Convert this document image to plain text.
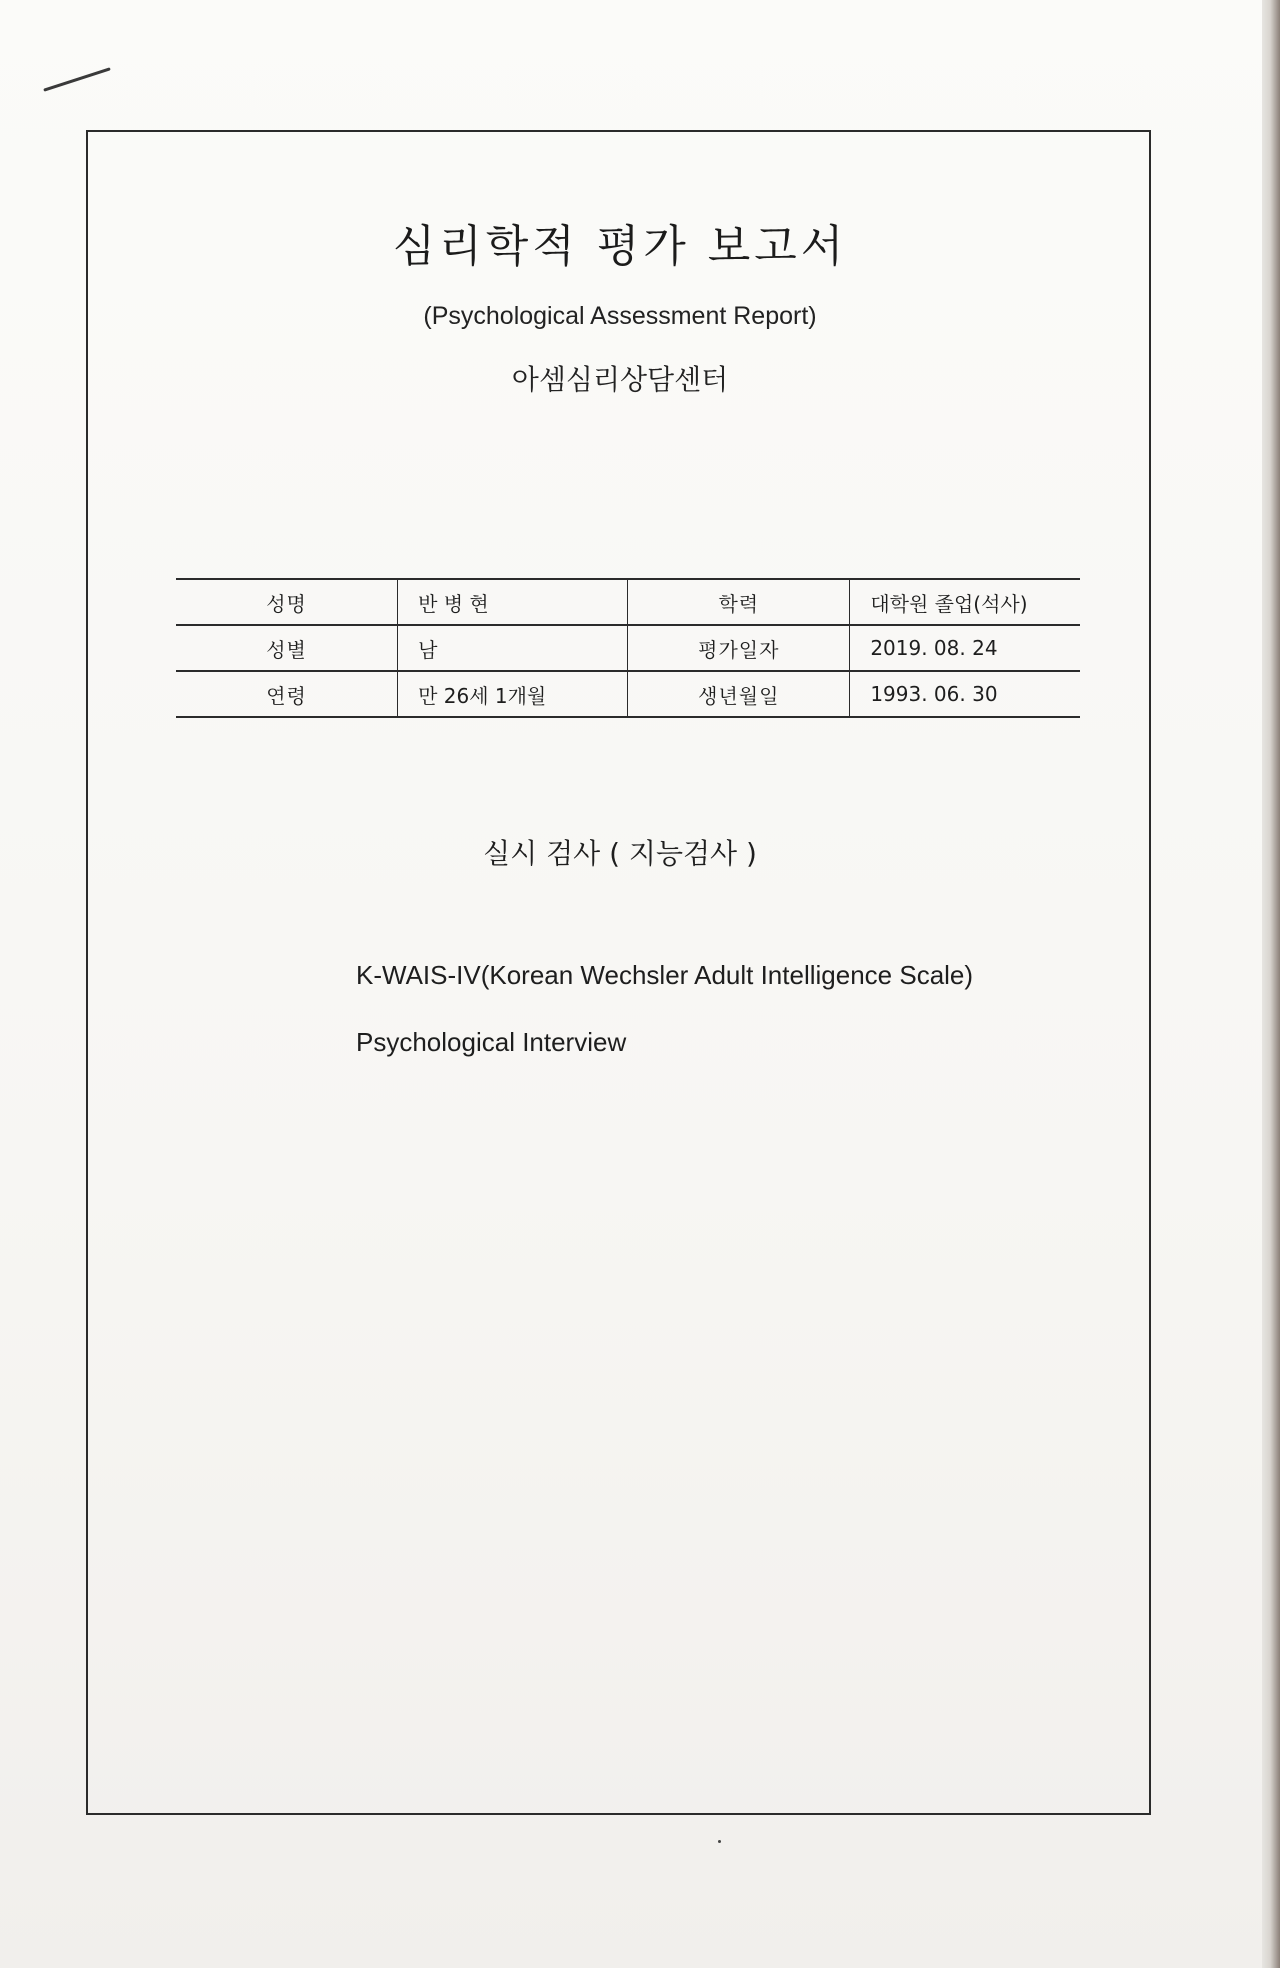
심리학적 평가 보고서
(Psychological Assessment Report)
아셈심리상담센터
성명	반 병 현	학력	대학원 졸업(석사)
성별	남	평가일자	2019. 08. 24
연령	만 26세 1개월	생년월일	1993. 06. 30
실시 검사 ( 지능검사 )
K-WAIS-IV(Korean Wechsler Adult Intelligence Scale)
Psychological Interview
